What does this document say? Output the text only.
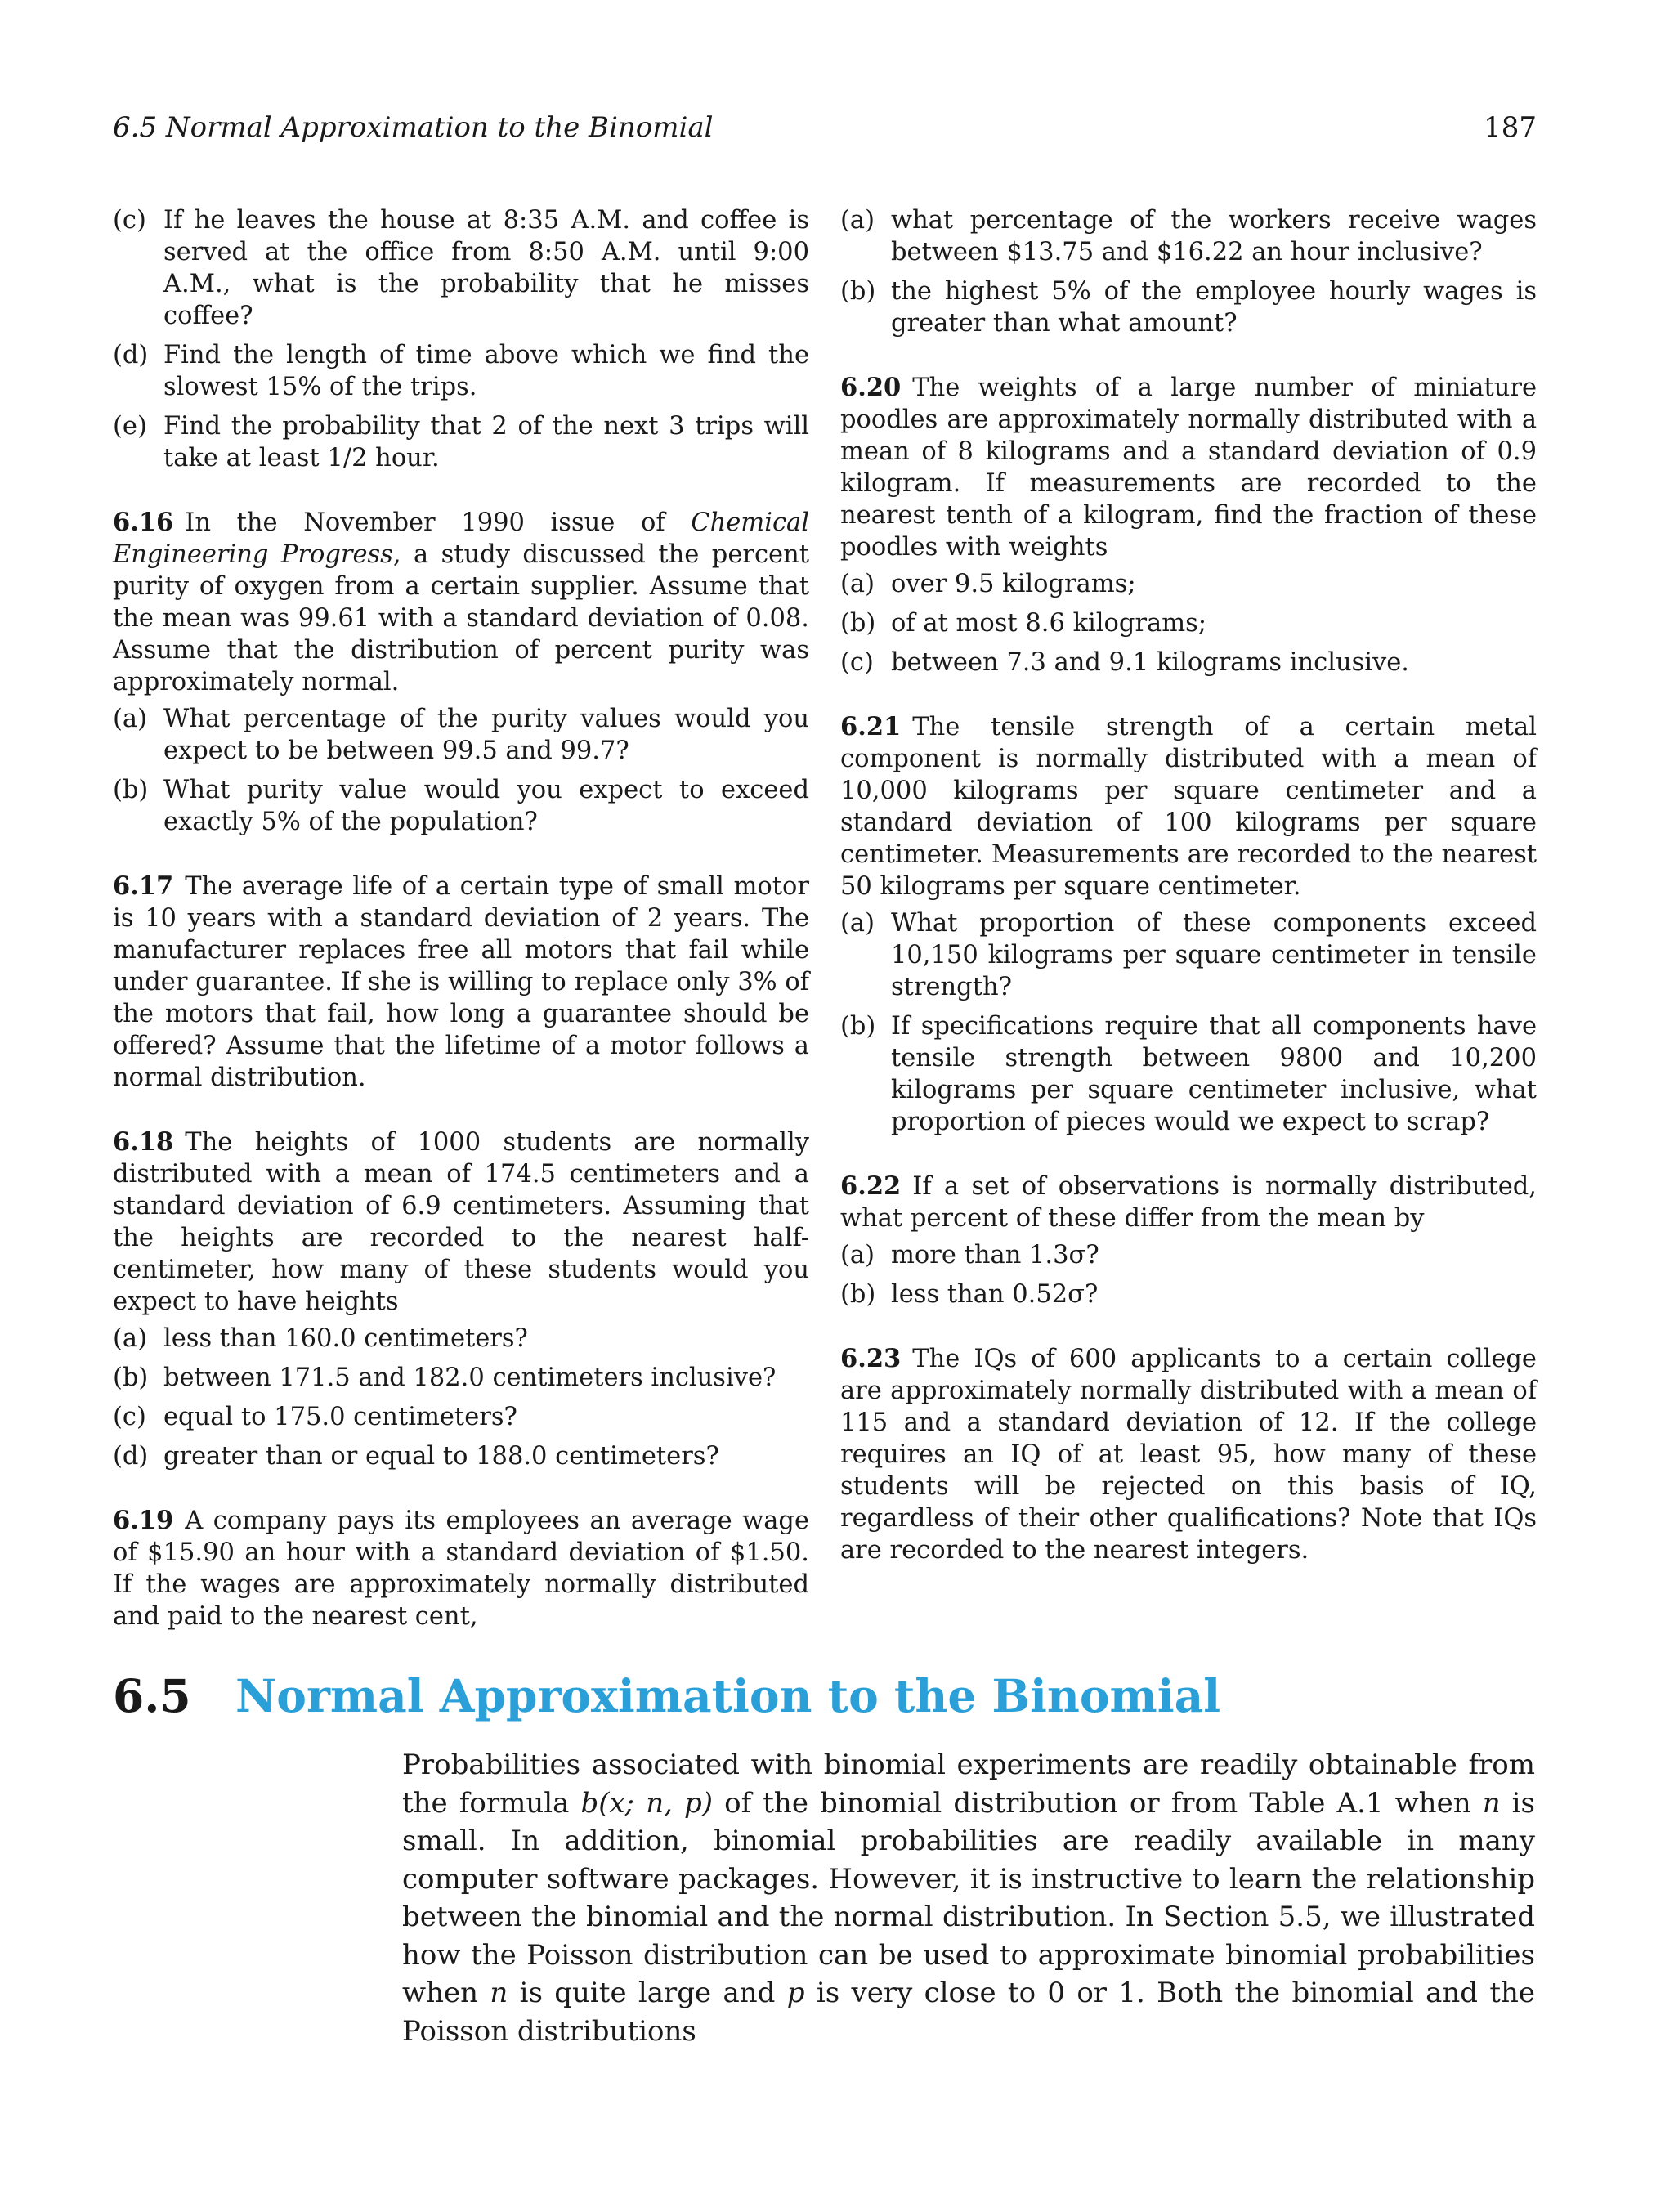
6.5 Normal Approximation to the Binomial	187
(c) If he leaves the house at 8:35 A.M. and coffee is served at the office from 8:50 A.M. until 9:00 A.M., what is the probability that he misses coffee?
(d) Find the length of time above which we find the slowest 15% of the trips.
(e) Find the probability that 2 of the next 3 trips will take at least 1/2 hour.

6.16 In the November 1990 issue of Chemical Engineering Progress, a study discussed the percent purity of oxygen from a certain supplier. Assume that the mean was 99.61 with a standard deviation of 0.08. Assume that the distribution of percent purity was approximately normal.

(a) What percentage of the purity values would you expect to be between 99.5 and 99.7?
(b) What purity value would you expect to exceed exactly 5% of the population?

6.17 The average life of a certain type of small motor is 10 years with a standard deviation of 2 years. The manufacturer replaces free all motors that fail while under guarantee. If she is willing to replace only 3% of the motors that fail, how long a guarantee should be offered? Assume that the lifetime of a motor follows a normal distribution.

6.18 The heights of 1000 students are normally distributed with a mean of 174.5 centimeters and a standard deviation of 6.9 centimeters. Assuming that the heights are recorded to the nearest half-centimeter, how many of these students would you expect to have heights

(a) less than 160.0 centimeters?
(b) between 171.5 and 182.0 centimeters inclusive?
(c) equal to 175.0 centimeters?
(d) greater than or equal to 188.0 centimeters?

6.19 A company pays its employees an average wage of $15.90 an hour with a standard deviation of $1.50. If the wages are approximately normally distributed and paid to the nearest cent,

(a) what percentage of the workers receive wages between $13.75 and $16.22 an hour inclusive?
(b) the highest 5% of the employee hourly wages is greater than what amount?

6.20 The weights of a large number of miniature poodles are approximately normally distributed with a mean of 8 kilograms and a standard deviation of 0.9 kilogram. If measurements are recorded to the nearest tenth of a kilogram, find the fraction of these poodles with weights

(a) over 9.5 kilograms;
(b) of at most 8.6 kilograms;
(c) between 7.3 and 9.1 kilograms inclusive.

6.21 The tensile strength of a certain metal component is normally distributed with a mean of 10,000 kilograms per square centimeter and a standard deviation of 100 kilograms per square centimeter. Measurements are recorded to the nearest 50 kilograms per square centimeter.

(a) What proportion of these components exceed 10,150 kilograms per square centimeter in tensile strength?
(b) If specifications require that all components have tensile strength between 9800 and 10,200 kilograms per square centimeter inclusive, what proportion of pieces would we expect to scrap?

6.22 If a set of observations is normally distributed, what percent of these differ from the mean by

(a) more than 1.3σ?
(b) less than 0.52σ?

6.23 The IQs of 600 applicants to a certain college are approximately normally distributed with a mean of 115 and a standard deviation of 12. If the college requires an IQ of at least 95, how many of these students will be rejected on this basis of IQ, regardless of their other qualifications? Note that IQs are recorded to the nearest integers.

6.5 Normal Approximation to the Binomial

Probabilities associated with binomial experiments are readily obtainable from the formula b(x; n, p) of the binomial distribution or from Table A.1 when n is small. In addition, binomial probabilities are readily available in many computer software packages. However, it is instructive to learn the relationship between the binomial and the normal distribution. In Section 5.5, we illustrated how the Poisson distribution can be used to approximate binomial probabilities when n is quite large and p is very close to 0 or 1. Both the binomial and the Poisson distributions
